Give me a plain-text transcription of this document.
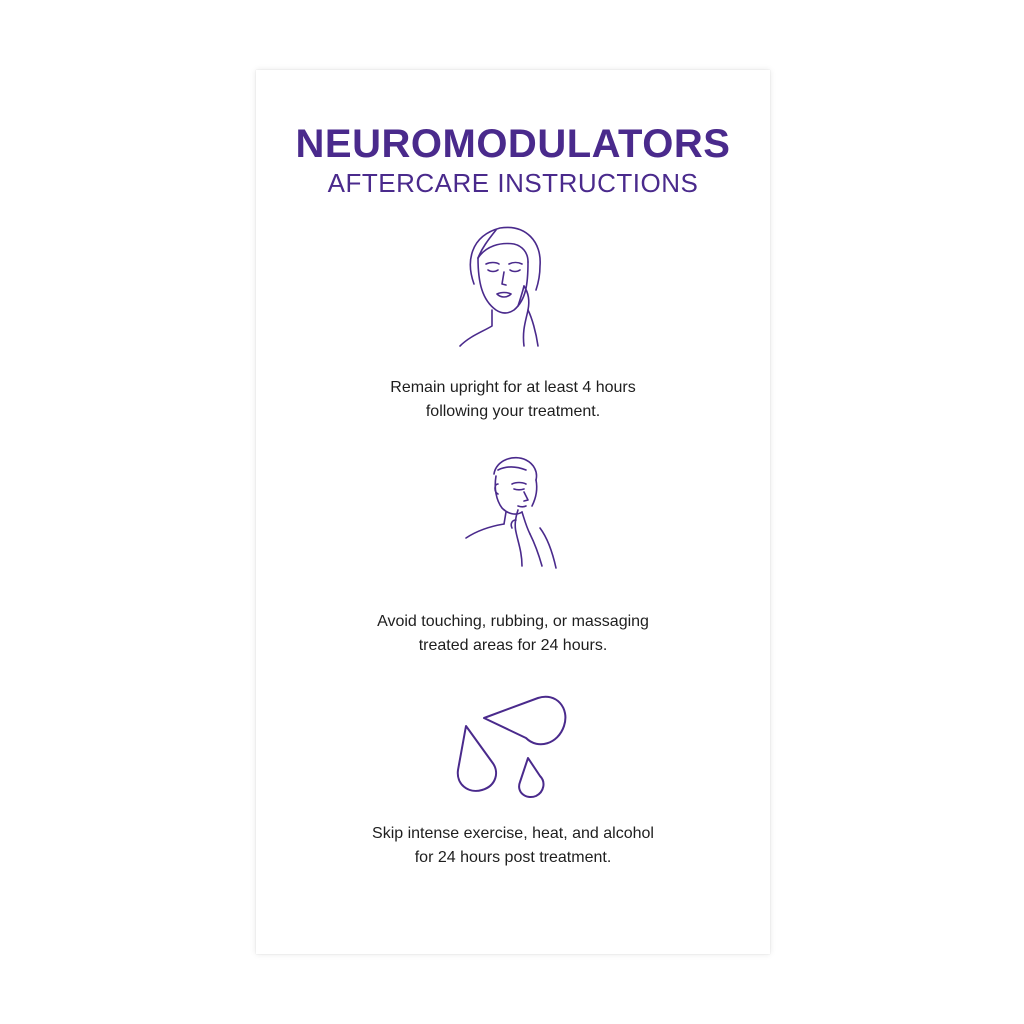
NEUROMODULATORS
AFTERCARE INSTRUCTIONS
Remain upright for at least 4 hours
following your treatment.
Avoid touching, rubbing, or massaging
treated areas for 24 hours.
Skip intense exercise, heat, and alcohol
for 24 hours post treatment.
